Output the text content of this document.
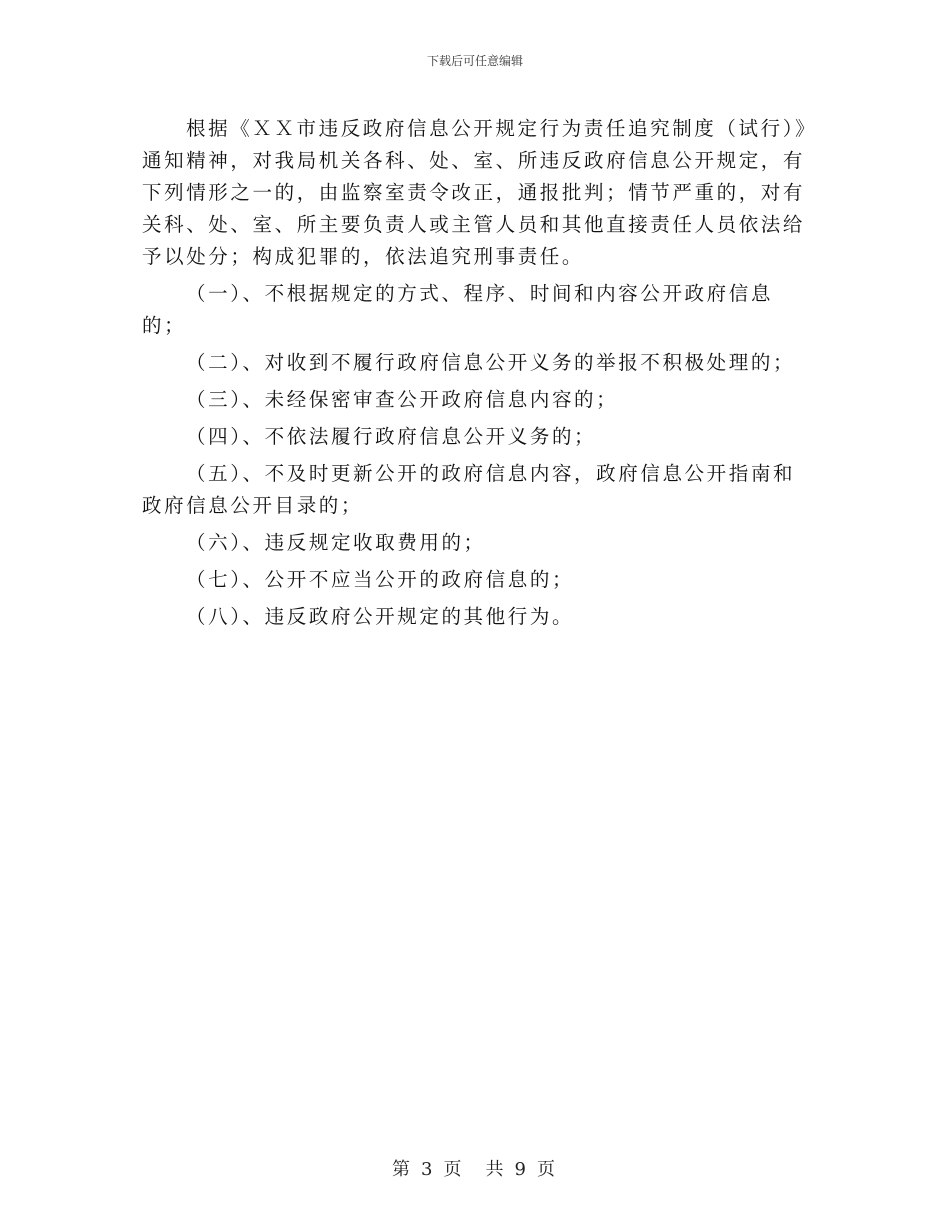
下载后可任意编辑

根据《ＸＸ市违反政府信息公开规定行为责任追究制度（试行）》通知精神，对我局机关各科、处、室、所违反政府信息公开规定，有下列情形之一的，由监察室责令改正，通报批判；情节严重的，对有关科、处、室、所主要负责人或主管人员和其他直接责任人员依法给予以处分；构成犯罪的，依法追究刑事责任。

（一）、不根据规定的方式、程序、时间和内容公开政府信息的；

（二）、对收到不履行政府信息公开义务的举报不积极处理的；

（三）、未经保密审查公开政府信息内容的；

（四）、不依法履行政府信息公开义务的；

（五）、不及时更新公开的政府信息内容，政府信息公开指南和政府信息公开目录的；

（六）、违反规定收取费用的；

（七）、公开不应当公开的政府信息的；

（八）、违反政府公开规定的其他行为。

第 3 页　共 9 页
